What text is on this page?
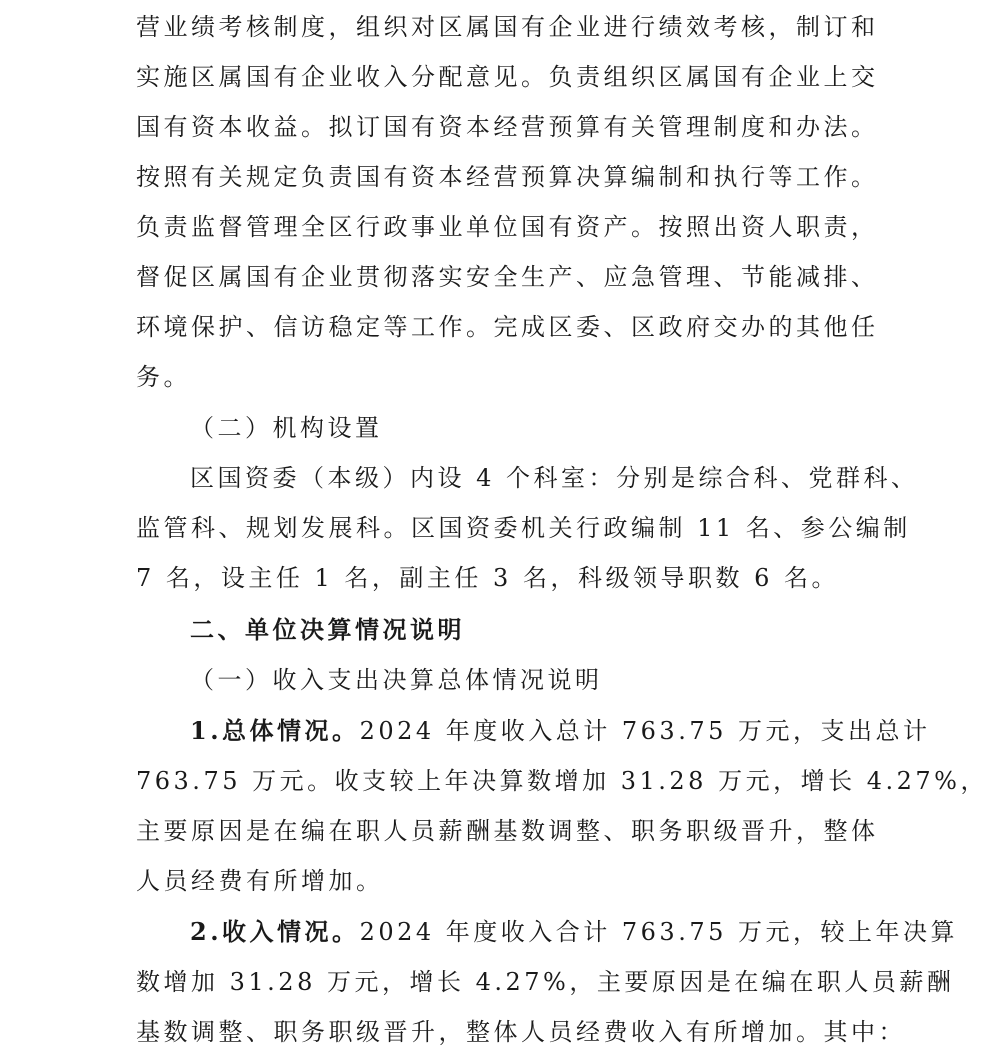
营业绩考核制度，组织对区属国有企业进行绩效考核，制订和
实施区属国有企业收入分配意见。负责组织区属国有企业上交
国有资本收益。拟订国有资本经营预算有关管理制度和办法。
按照有关规定负责国有资本经营预算决算编制和执行等工作。
负责监督管理全区行政事业单位国有资产。按照出资人职责，
督促区属国有企业贯彻落实安全生产、应急管理、节能减排、
环境保护、信访稳定等工作。完成区委、区政府交办的其他任
务。
（二）机构设置
区国资委（本级）内设 4 个科室：分别是综合科、党群科、
监管科、规划发展科。区国资委机关行政编制 11 名、参公编制
7 名，设主任 1 名，副主任 3 名，科级领导职数 6 名。
二、单位决算情况说明
（一）收入支出决算总体情况说明
1.总体情况。2024 年度收入总计 763.75 万元，支出总计
763.75 万元。收支较上年决算数增加 31.28 万元，增长 4.27%，
主要原因是在编在职人员薪酬基数调整、职务职级晋升，整体
人员经费有所增加。
2.收入情况。2024 年度收入合计 763.75 万元，较上年决算
数增加 31.28 万元，增长 4.27%，主要原因是在编在职人员薪酬
基数调整、职务职级晋升，整体人员经费收入有所增加。其中：
